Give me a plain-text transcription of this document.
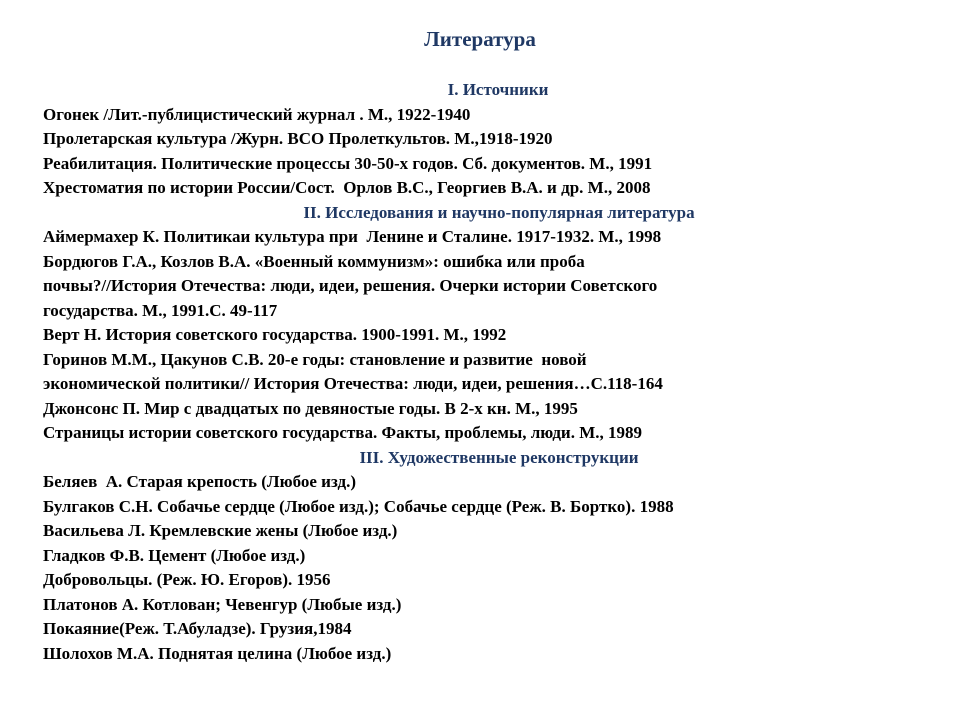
Литература
I. Источники
Огонек /Лит.-публицистический журнал . М., 1922-1940
Пролетарская культура /Журн. ВСО Пролеткультов. М.,1918-1920
Реабилитация. Политические процессы 30-50-х годов. Сб. документов. М., 1991
Хрестоматия по истории России/Сост.  Орлов В.С., Георгиев В.А. и др. М., 2008
II. Исследования и научно-популярная литература
Аймермахер К. Политикаи культура при  Ленине и Сталине. 1917-1932. М., 1998
Бордюгов Г.А., Козлов В.А. «Военный коммунизм»: ошибка или проба
почвы?//История Отечества: люди, идеи, решения. Очерки истории Советского
государства. М., 1991.С. 49-117
Верт Н. История советского государства. 1900-1991. М., 1992
Горинов М.М., Цакунов С.В. 20-е годы: становление и развитие  новой
экономической политики// История Отечества: люди, идеи, решения…С.118-164
Джонсонс П. Мир с двадцатых по девяностые годы. В 2-х кн. М., 1995
Страницы истории советского государства. Факты, проблемы, люди. М., 1989
III. Художественные реконструкции
Беляев  А. Старая крепость (Любое изд.)
Булгаков С.Н. Собачье сердце (Любое изд.); Собачье сердце (Реж. В. Бортко). 1988
Васильева Л. Кремлевские жены (Любое изд.)
Гладков Ф.В. Цемент (Любое изд.)
Добровольцы. (Реж. Ю. Егоров). 1956
Платонов А. Котлован; Чевенгур (Любые изд.)
Покаяние(Реж. Т.Абуладзе). Грузия,1984
Шолохов М.А. Поднятая целина (Любое изд.)
